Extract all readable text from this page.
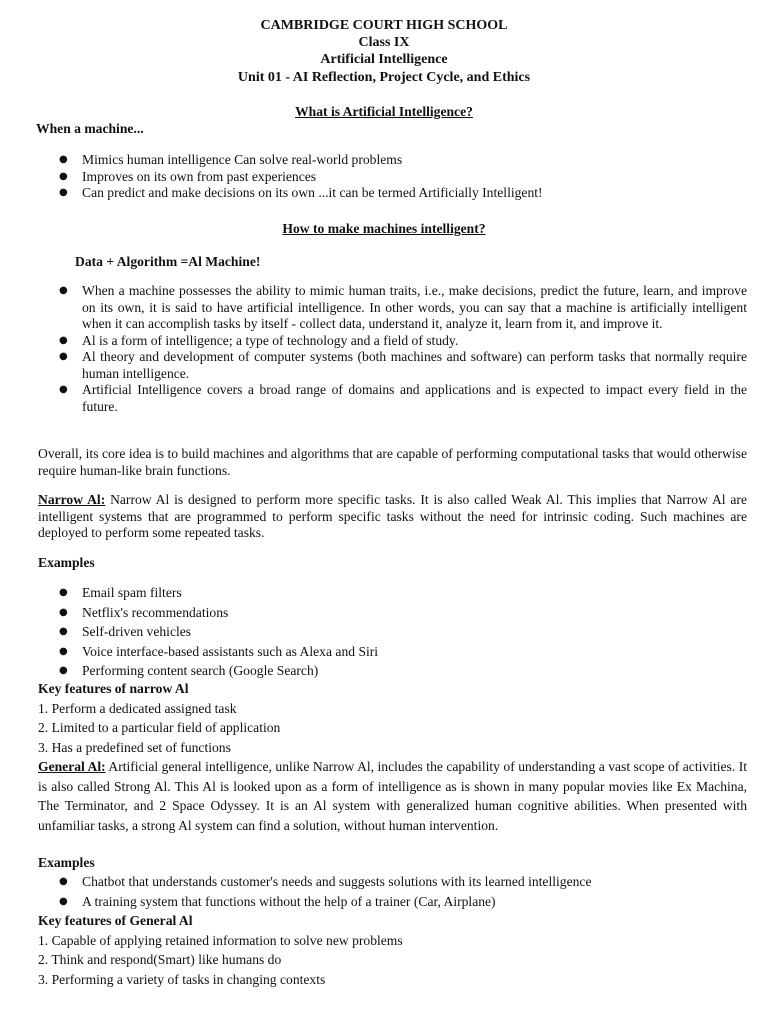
CAMBRIDGE COURT HIGH SCHOOL
Class IX
Artificial Intelligence
Unit 01 - AI Reflection, Project Cycle, and Ethics
What is Artificial Intelligence?
When a machine...
● Mimics human intelligence Can solve real-world problems
● Improves on its own from past experiences
● Can predict and make decisions on its own ...it can be termed Artificially Intelligent!
How to make machines intelligent?
Data + Algorithm =Al Machine!
● When a machine possesses the ability to mimic human traits, i.e., make decisions, predict the future, learn, and improve on its own, it is said to have artificial intelligence. In other words, you can say that a machine is artificially intelligent when it can accomplish tasks by itself - collect data, understand it, analyze it, learn from it, and improve it.
● Al is a form of intelligence; a type of technology and a field of study.
● Al theory and development of computer systems (both machines and software) can perform tasks that normally require human intelligence.
● Artificial Intelligence covers a broad range of domains and applications and is expected to impact every field in the future.
Overall, its core idea is to build machines and algorithms that are capable of performing computational tasks that would otherwise require human-like brain functions.
Narrow Al: Narrow Al is designed to perform more specific tasks. It is also called Weak Al. This implies that Narrow Al are intelligent systems that are programmed to perform specific tasks without the need for intrinsic coding. Such machines are deployed to perform some repeated tasks.
Examples
● Email spam filters
● Netflix's recommendations
● Self-driven vehicles
● Voice interface-based assistants such as Alexa and Siri
● Performing content search (Google Search)
Key features of narrow Al
1. Perform a dedicated assigned task
2. Limited to a particular field of application
3. Has a predefined set of functions
General Al: Artificial general intelligence, unlike Narrow Al, includes the capability of understanding a vast scope of activities. It is also called Strong Al. This Al is looked upon as a form of intelligence as is shown in many popular movies like Ex Machina, The Terminator, and 2 Space Odyssey. It is an Al system with generalized human cognitive abilities. When presented with unfamiliar tasks, a strong Al system can find a solution, without human intervention.
Examples
● Chatbot that understands customer's needs and suggests solutions with its learned intelligence
● A training system that functions without the help of a trainer (Car, Airplane)
Key features of General Al
1. Capable of applying retained information to solve new problems
2. Think and respond(Smart) like humans do
3. Performing a variety of tasks in changing contexts
